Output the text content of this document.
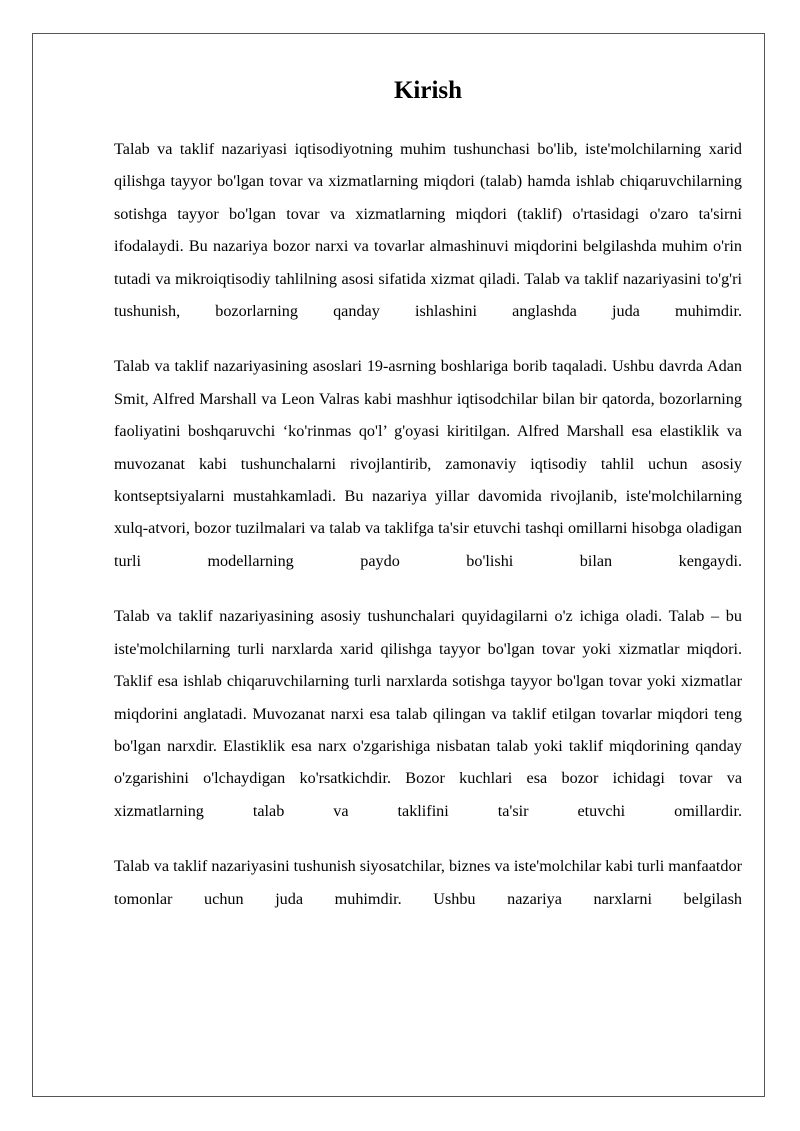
Kirish

Talab va taklif nazariyasi iqtisodiyotning muhim tushunchasi bo'lib, iste'molchilarning xarid qilishga tayyor bo'lgan tovar va xizmatlarning miqdori (talab) hamda ishlab chiqaruvchilarning sotishga tayyor bo'lgan tovar va xizmatlarning miqdori (taklif) o'rtasidagi o'zaro ta'sirni ifodalaydi. Bu nazariya bozor narxi va tovarlar almashinuvi miqdorini belgilashda muhim o'rin tutadi va mikroiqtisodiy tahlilning asosi sifatida xizmat qiladi. Talab va taklif nazariyasini to'g'ri tushunish, bozorlarning qanday ishlashini anglashda juda muhimdir.

Talab va taklif nazariyasining asoslari 19-asrning boshlariga borib taqaladi. Ushbu davrda Adan Smit, Alfred Marshall va Leon Valras kabi mashhur iqtisodchilar bilan bir qatorda, bozorlarning faoliyatini boshqaruvchi ‘ko'rinmas qo'l’ g'oyasi kiritilgan. Alfred Marshall esa elastiklik va muvozanat kabi tushunchalarni rivojlantirib, zamonaviy iqtisodiy tahlil uchun asosiy kontseptsiyalarni mustahkamladi. Bu nazariya yillar davomida rivojlanib, iste'molchilarning xulq-atvori, bozor tuzilmalari va talab va taklifga ta'sir etuvchi tashqi omillarni hisobga oladigan turli modellarning paydo bo'lishi bilan kengaydi.

Talab va taklif nazariyasining asosiy tushunchalari quyidagilarni o'z ichiga oladi. Talab – bu iste'molchilarning turli narxlarda xarid qilishga tayyor bo'lgan tovar yoki xizmatlar miqdori. Taklif esa ishlab chiqaruvchilarning turli narxlarda sotishga tayyor bo'lgan tovar yoki xizmatlar miqdorini anglatadi. Muvozanat narxi esa talab qilingan va taklif etilgan tovarlar miqdori teng bo'lgan narxdir. Elastiklik esa narx o'zgarishiga nisbatan talab yoki taklif miqdorining qanday o'zgarishini o'lchaydigan ko'rsatkichdir. Bozor kuchlari esa bozor ichidagi tovar va xizmatlarning talab va taklifini ta'sir etuvchi omillardir.

Talab va taklif nazariyasini tushunish siyosatchilar, biznes va iste'molchilar kabi turli manfaatdor tomonlar uchun juda muhimdir. Ushbu nazariya narxlarni belgilash
